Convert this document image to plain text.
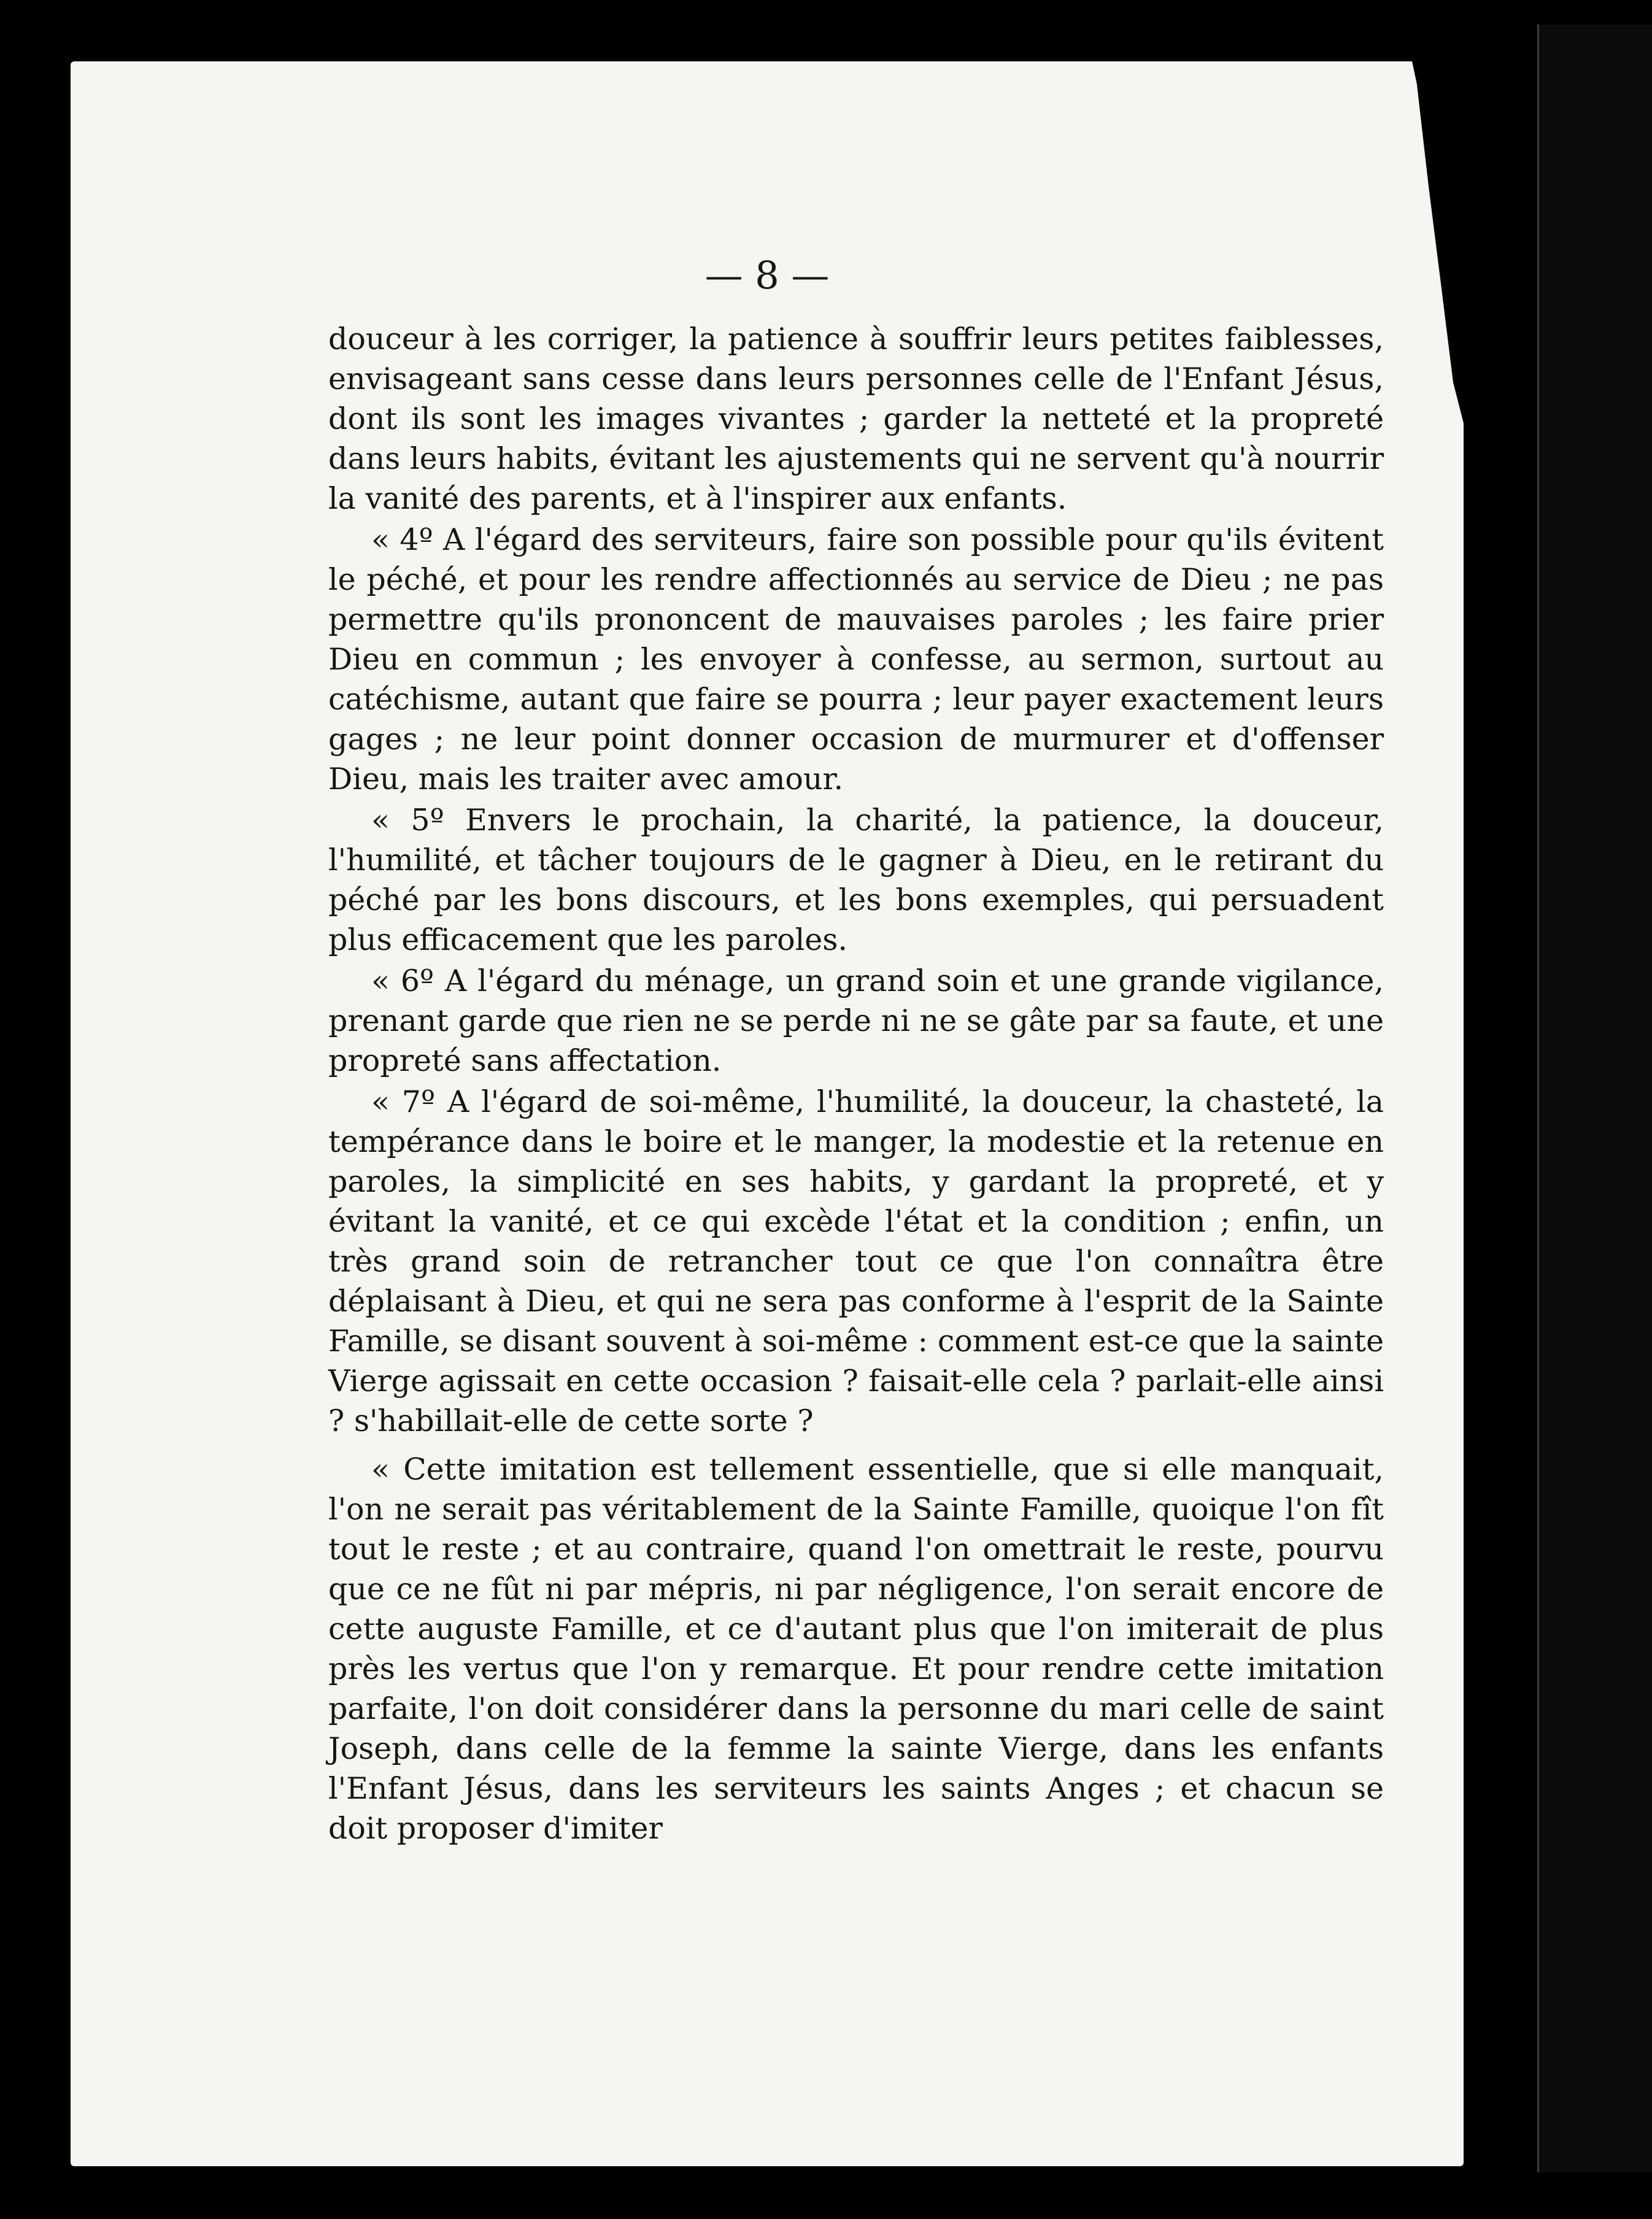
— 8 —

douceur à les corriger, la patience à souffrir leurs petites faiblesses, envisageant sans cesse dans leurs personnes celle de l'Enfant Jésus, dont ils sont les images vivantes ; garder la netteté et la propreté dans leurs habits, évitant les ajustements qui ne servent qu'à nourrir la vanité des parents, et à l'inspirer aux enfants.

« 4º A l'égard des serviteurs, faire son possible pour qu'ils évitent le péché, et pour les rendre affectionnés au service de Dieu ; ne pas permettre qu'ils prononcent de mauvaises paroles ; les faire prier Dieu en commun ; les envoyer à confesse, au sermon, surtout au catéchisme, autant que faire se pourra ; leur payer exactement leurs gages ; ne leur point donner occasion de murmurer et d'offenser Dieu, mais les traiter avec amour.

« 5º Envers le prochain, la charité, la patience, la douceur, l'humilité, et tâcher toujours de le gagner à Dieu, en le retirant du péché par les bons discours, et les bons exemples, qui persuadent plus efficacement que les paroles.

« 6º A l'égard du ménage, un grand soin et une grande vigilance, prenant garde que rien ne se perde ni ne se gâte par sa faute, et une propreté sans affectation.

« 7º A l'égard de soi-même, l'humilité, la douceur, la chasteté, la tempérance dans le boire et le manger, la modestie et la retenue en paroles, la simplicité en ses habits, y gardant la propreté, et y évitant la vanité, et ce qui excède l'état et la condition ; enfin, un très grand soin de retrancher tout ce que l'on connaîtra être déplaisant à Dieu, et qui ne sera pas conforme à l'esprit de la Sainte Famille, se disant souvent à soi-même : comment est-ce que la sainte Vierge agissait en cette occasion ? faisait-elle cela ? parlait-elle ainsi ? s'habillait-elle de cette sorte ?

« Cette imitation est tellement essentielle, que si elle manquait, l'on ne serait pas véritablement de la Sainte Famille, quoique l'on fît tout le reste ; et au contraire, quand l'on omettrait le reste, pourvu que ce ne fût ni par mépris, ni par négligence, l'on serait encore de cette auguste Famille, et ce d'autant plus que l'on imiterait de plus près les vertus que l'on y remarque. Et pour rendre cette imitation parfaite, l'on doit considérer dans la personne du mari celle de saint Joseph, dans celle de la femme la sainte Vierge, dans les enfants l'Enfant Jésus, dans les serviteurs les saints Anges ; et chacun se doit proposer d'imiter
